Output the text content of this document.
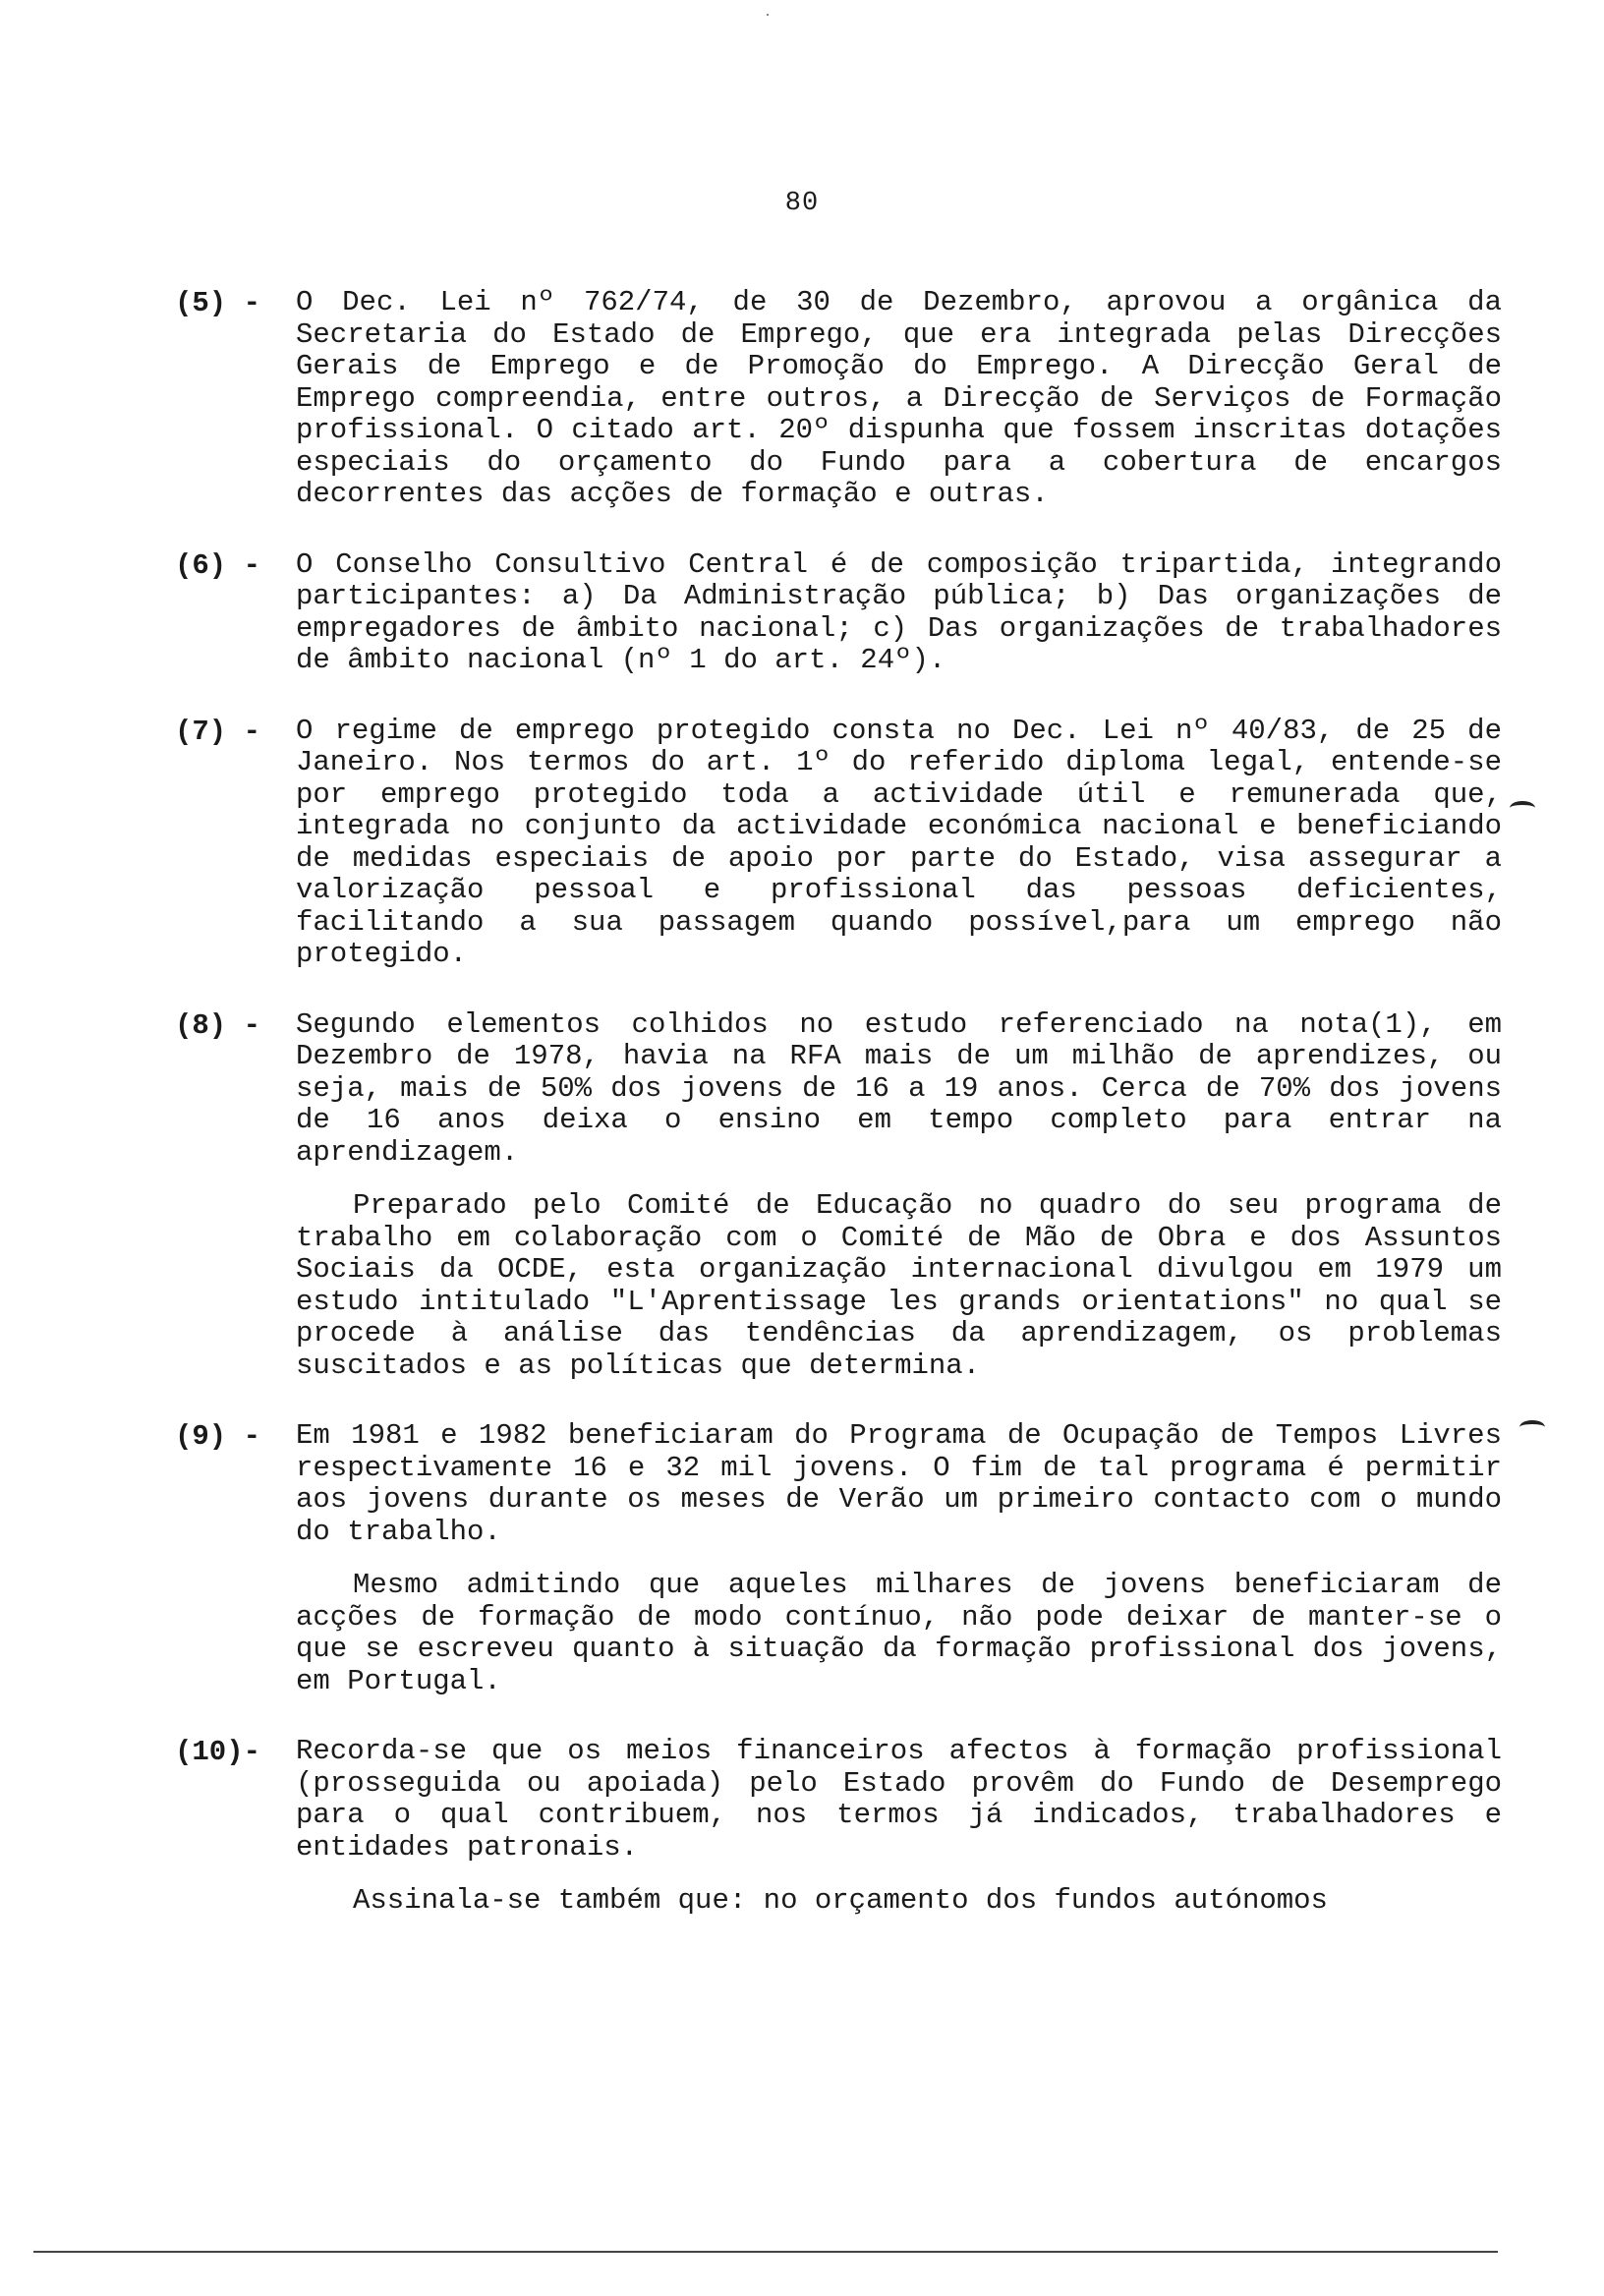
80
(5) - O Dec. Lei nº 762/74, de 30 de Dezembro, aprovou a orgânica da Secretaria do Estado de Emprego, que era integrada pelas Direcções Gerais de Emprego e de Promoção do Emprego. A Direcção Geral de Emprego compreendia, entre outros, a Direcção de Serviços de Formação profissional. O citado art. 20º dispunha que fossem inscritas dotações especiais do orçamento do Fundo para a cobertura de encargos decorrentes das acções de formação e outras.

(6) - O Conselho Consultivo Central é de composição tripartida, integrando participantes: a) Da Administração pública; b) Das organizações de empregadores de âmbito nacional; c) Das organizações de trabalhadores de âmbito nacional (nº 1 do art. 24º).

(7) - O regime de emprego protegido consta no Dec. Lei nº 40/83, de 25 de Janeiro. Nos termos do art. 1º do referido diploma legal, entende-se por emprego protegido toda a actividade útil e remunerada que, integrada no conjunto da actividade económica nacional e beneficiando de medidas especiais de apoio por parte do Estado, visa assegurar a valorização pessoal e profissional das pessoas deficientes, facilitando a sua passagem quando possível,para um emprego não protegido.

(8) - Segundo elementos colhidos no estudo referenciado na nota(1), em Dezembro de 1978, havia na RFA mais de um milhão de aprendizes, ou seja, mais de 50% dos jovens de 16 a 19 anos. Cerca de 70% dos jovens de 16 anos deixa o ensino em tempo completo para entrar na aprendizagem.

Preparado pelo Comité de Educação no quadro do seu programa de trabalho em colaboração com o Comité de Mão de Obra e dos Assuntos Sociais da OCDE, esta organização internacional divulgou em 1979 um estudo intitulado "L'Aprentissage les grands orientations" no qual se procede à análise das tendências da aprendizagem, os problemas suscitados e as políticas que determina.

(9) - Em 1981 e 1982 beneficiaram do Programa de Ocupação de Tempos Livres respectivamente 16 e 32 mil jovens. O fim de tal programa é permitir aos jovens durante os meses de Verão um primeiro contacto com o mundo do trabalho.

Mesmo admitindo que aqueles milhares de jovens beneficiaram de acções de formação de modo contínuo, não pode deixar de manter-se o que se escreveu quanto à situação da formação profissional dos jovens, em Portugal.

(10)- Recorda-se que os meios financeiros afectos à formação profissional (prosseguida ou apoiada) pelo Estado provêm do Fundo de Desemprego para o qual contribuem, nos termos já indicados, trabalhadores e entidades patronais.

Assinala-se também que: no orçamento dos fundos autónomos
